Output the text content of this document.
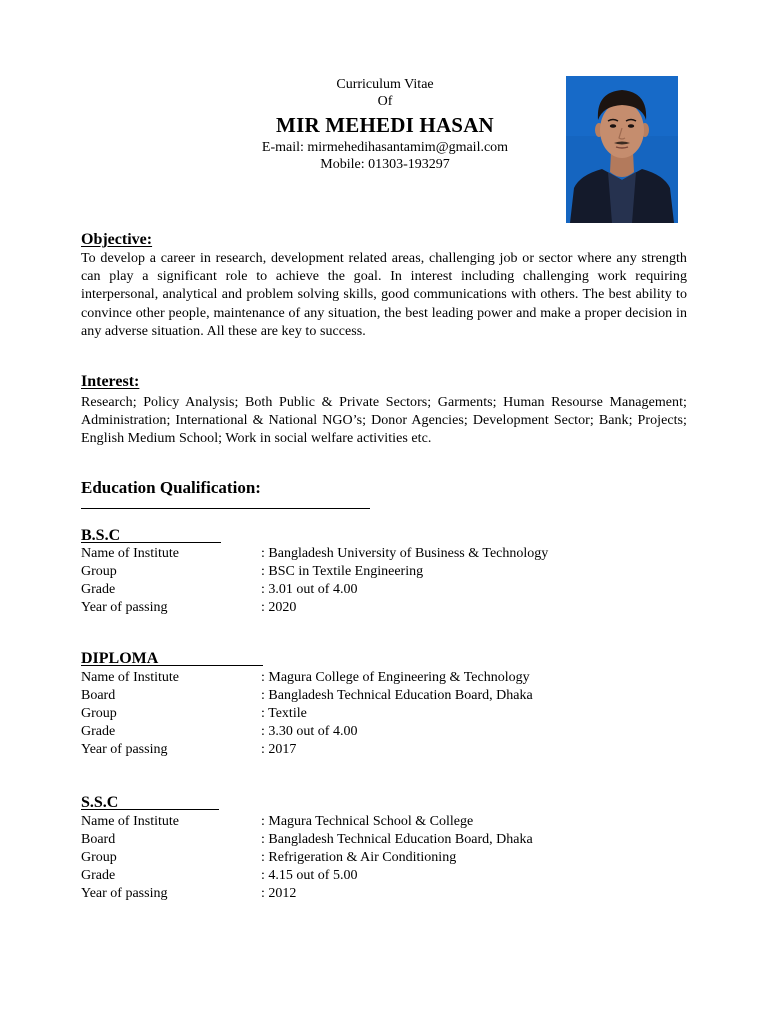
Curriculum Vitae
Of
MIR MEHEDI HASAN
E-mail: mirmehedihasantamim@gmail.com
Mobile: 01303-193297
Objective:
To develop a career in research, development related areas, challenging job or sector where any strength can play a significant role to achieve the goal. In interest including challenging work requiring interpersonal, analytical and problem solving skills, good communications with others. The best ability to convince other people, maintenance of any situation, the best leading power and make a proper decision in any adverse situation. All these are key to success.
Interest:
Research; Policy Analysis; Both Public & Private Sectors; Garments; Human Resourse Management; Administration; International & National NGO’s; Donor Agencies; Development Sector; Bank; Projects; English Medium School; Work in social welfare activities etc.
Education Qualification:
B.S.C
Name of Institute	: Bangladesh University of Business & Technology
Group	: BSC in Textile Engineering
Grade	: 3.01 out of 4.00
Year of passing	: 2020
DIPLOMA
Name of Institute	: Magura College of Engineering & Technology
Board	: Bangladesh Technical Education Board, Dhaka
Group	: Textile
Grade	: 3.30 out of 4.00
Year of passing	: 2017
S.S.C
Name of Institute	: Magura Technical School & College
Board	: Bangladesh Technical Education Board, Dhaka
Group	: Refrigeration & Air Conditioning
Grade	: 4.15 out of 5.00
Year of passing	: 2012
